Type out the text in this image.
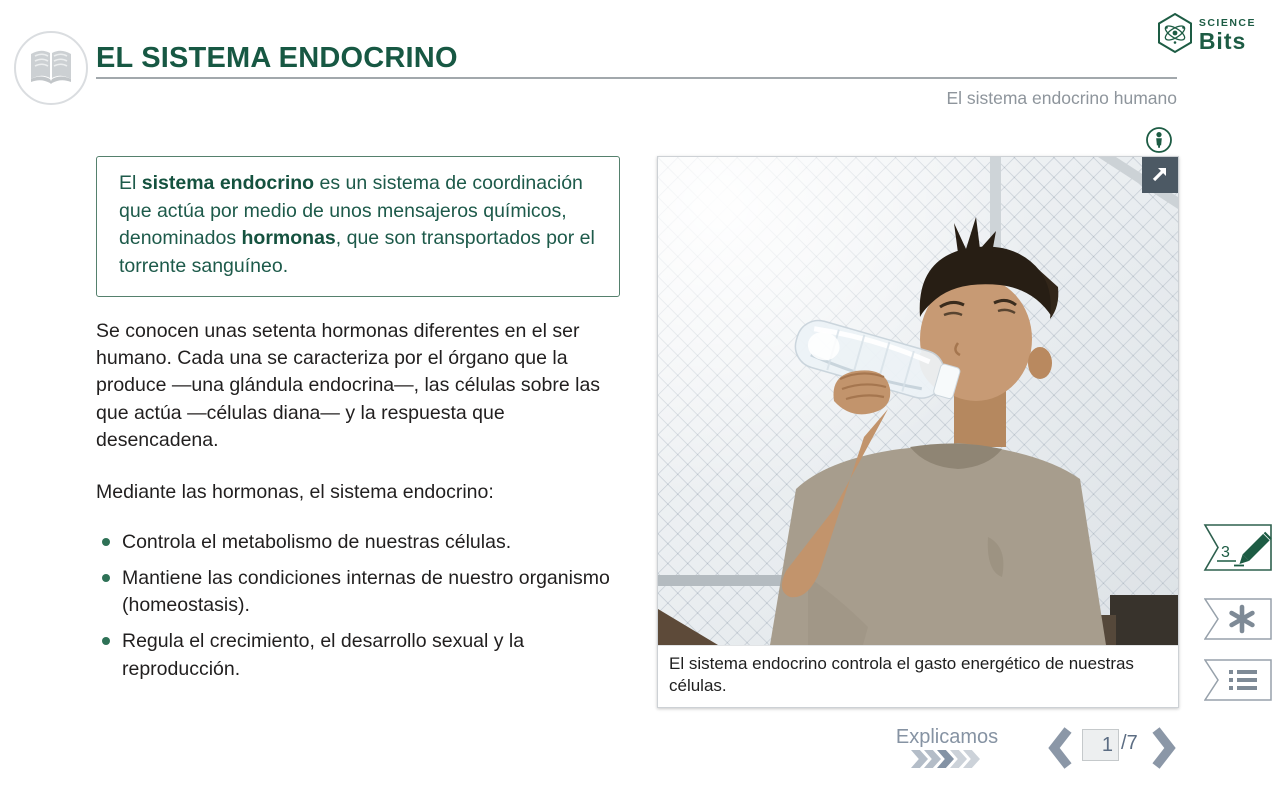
EL SISTEMA ENDOCRINO
El sistema endocrino humano
SCIENCE
Bits
El sistema endocrino es un sistema de coordinación que actúa por medio de unos mensajeros químicos, denominados hormonas, que son transportados por el torrente sanguíneo.

Se conocen unas setenta hormonas diferentes en el ser humano. Cada una se caracteriza por el órgano que la produce —una glándula endocrina—, las células sobre las que actúa —células diana— y la respuesta que desencadena.

Mediante las hormonas, el sistema endocrino:

Controla el metabolismo de nuestras células.
Mantiene las condiciones internas de nuestro organismo (homeostasis).
Regula el crecimiento, el desarrollo sexual y la reproducción.	El sistema endocrino controla el gasto energético de nuestras células.
3
Explicamos
1	/7
